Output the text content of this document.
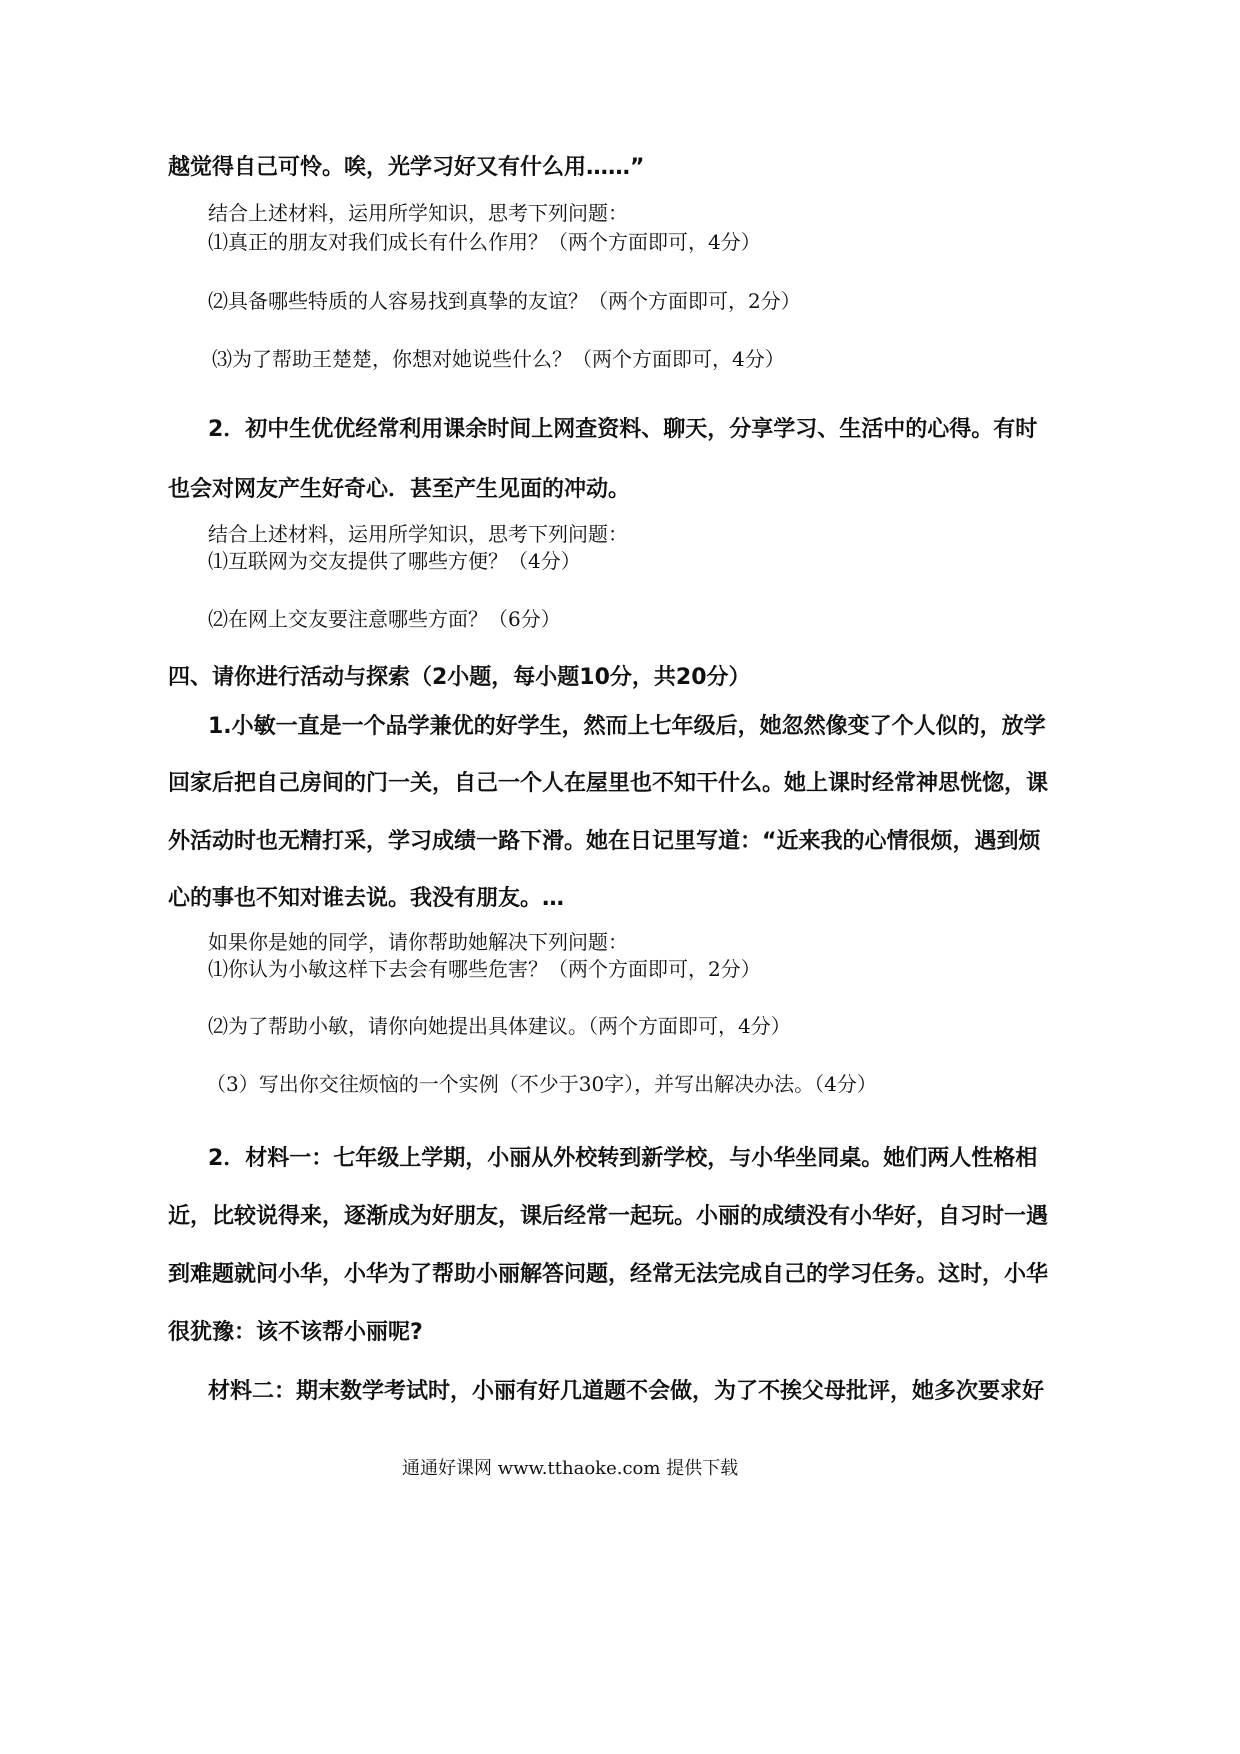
越觉得自己可怜。唉，光学习好又有什么用……”

结合上述材料，运用所学知识，思考下列问题：

⑴真正的朋友对我们成长有什么作用？（两个方面即可，4分）

⑵具备哪些特质的人容易找到真挚的友谊？（两个方面即可，2分）

⑶为了帮助王楚楚，你想对她说些什么？（两个方面即可，4分）

2．初中生优优经常利用课余时间上网查资料、聊天，分享学习、生活中的心得。有时

也会对网友产生好奇心．甚至产生见面的冲动。

结合上述材料，运用所学知识，思考下列问题：

⑴互联网为交友提供了哪些方便？（4分）

⑵在网上交友要注意哪些方面？（6分）

四、请你进行活动与探索（2小题，每小题10分，共20分）

1.小敏一直是一个品学兼优的好学生，然而上七年级后，她忽然像变了个人似的，放学

回家后把自己房间的门一关，自己一个人在屋里也不知干什么。她上课时经常神思恍惚，课

外活动时也无精打采，学习成绩一路下滑。她在日记里写道：“近来我的心情很烦，遇到烦

心的事也不知对谁去说。我没有朋友。…

如果你是她的同学，请你帮助她解决下列问题：

⑴你认为小敏这样下去会有哪些危害？（两个方面即可，2分）

⑵为了帮助小敏，请你向她提出具体建议。（两个方面即可，4分）

（3）写出你交往烦恼的一个实例（不少于30字），并写出解决办法。（4分）

2．材料一：七年级上学期，小丽从外校转到新学校，与小华坐同桌。她们两人性格相

近，比较说得来，逐渐成为好朋友，课后经常一起玩。小丽的成绩没有小华好，自习时一遇

到难题就问小华，小华为了帮助小丽解答问题，经常无法完成自己的学习任务。这时，小华

很犹豫：该不该帮小丽呢?

材料二：期末数学考试时，小丽有好几道题不会做，为了不挨父母批评，她多次要求好

通通好课网 www.tthaoke.com 提供下载
